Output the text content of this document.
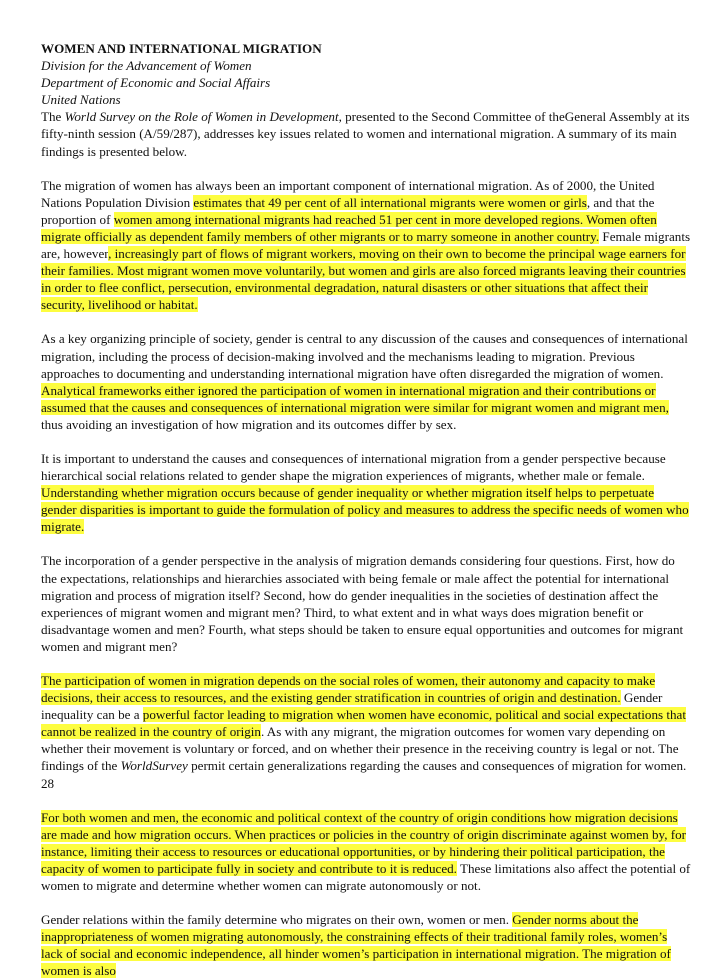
WOMEN AND INTERNATIONAL MIGRATION
Division for the Advancement of Women
Department of Economic and Social Affairs
United Nations

The World Survey on the Role of Women in Development, presented to the Second Committee of theGeneral Assembly at its fifty-ninth session (A/59/287), addresses key issues related to women and international migration. A summary of its main findings is presented below.

The migration of women has always been an important component of international migration. As of 2000, the United Nations Population Division estimates that 49 per cent of all international migrants were women or girls, and that the proportion of women among international migrants had reached 51 per cent in more developed regions. Women often migrate officially as dependent family members of other migrants or to marry someone in another country. Female migrants are, however, increasingly part of flows of migrant workers, moving on their own to become the principal wage earners for their families. Most migrant women move voluntarily, but women and girls are also forced migrants leaving their countries in order to flee conflict, persecution, environmental degradation, natural disasters or other situations that affect their security, livelihood or habitat.

As a key organizing principle of society, gender is central to any discussion of the causes and consequences of international migration, including the process of decision-making involved and the mechanisms leading to migration. Previous approaches to documenting and understanding international migration have often disregarded the migration of women. Analytical frameworks either ignored the participation of women in international migration and their contributions or assumed that the causes and consequences of international migration were similar for migrant women and migrant men, thus avoiding an investigation of how migration and its outcomes differ by sex.

It is important to understand the causes and consequences of international migration from a gender perspective because hierarchical social relations related to gender shape the migration experiences of migrants, whether male or female. Understanding whether migration occurs because of gender inequality or whether migration itself helps to perpetuate gender disparities is important to guide the formulation of policy and measures to address the specific needs of women who migrate.

The incorporation of a gender perspective in the analysis of migration demands considering four questions. First, how do the expectations, relationships and hierarchies associated with being female or male affect the potential for international migration and process of migration itself? Second, how do gender inequalities in the societies of destination affect the experiences of migrant women and migrant men? Third, to what extent and in what ways does migration benefit or disadvantage women and men? Fourth, what steps should be taken to ensure equal opportunities and outcomes for migrant women and migrant men?

The participation of women in migration depends on the social roles of women, their autonomy and capacity to make decisions, their access to resources, and the existing gender stratification in countries of origin and destination. Gender inequality can be a powerful factor leading to migration when women have economic, political and social expectations that cannot be realized in the country of origin. As with any migrant, the migration outcomes for women vary depending on whether their movement is voluntary or forced, and on whether their presence in the receiving country is legal or not. The findings of the WorldSurvey permit certain generalizations regarding the causes and consequences of migration for women. 28

For both women and men, the economic and political context of the country of origin conditions how migration decisions are made and how migration occurs. When practices or policies in the country of origin discriminate against women by, for instance, limiting their access to resources or educational opportunities, or by hindering their political participation, the capacity of women to participate fully in society and contribute to it is reduced. These limitations also affect the potential of women to migrate and determine whether women can migrate autonomously or not.

Gender relations within the family determine who migrates on their own, women or men. Gender norms about the inappropriateness of women migrating autonomously, the constraining effects of their traditional family roles, women’s lack of social and economic independence, all hinder women’s participation in international migration. The migration of women is also
